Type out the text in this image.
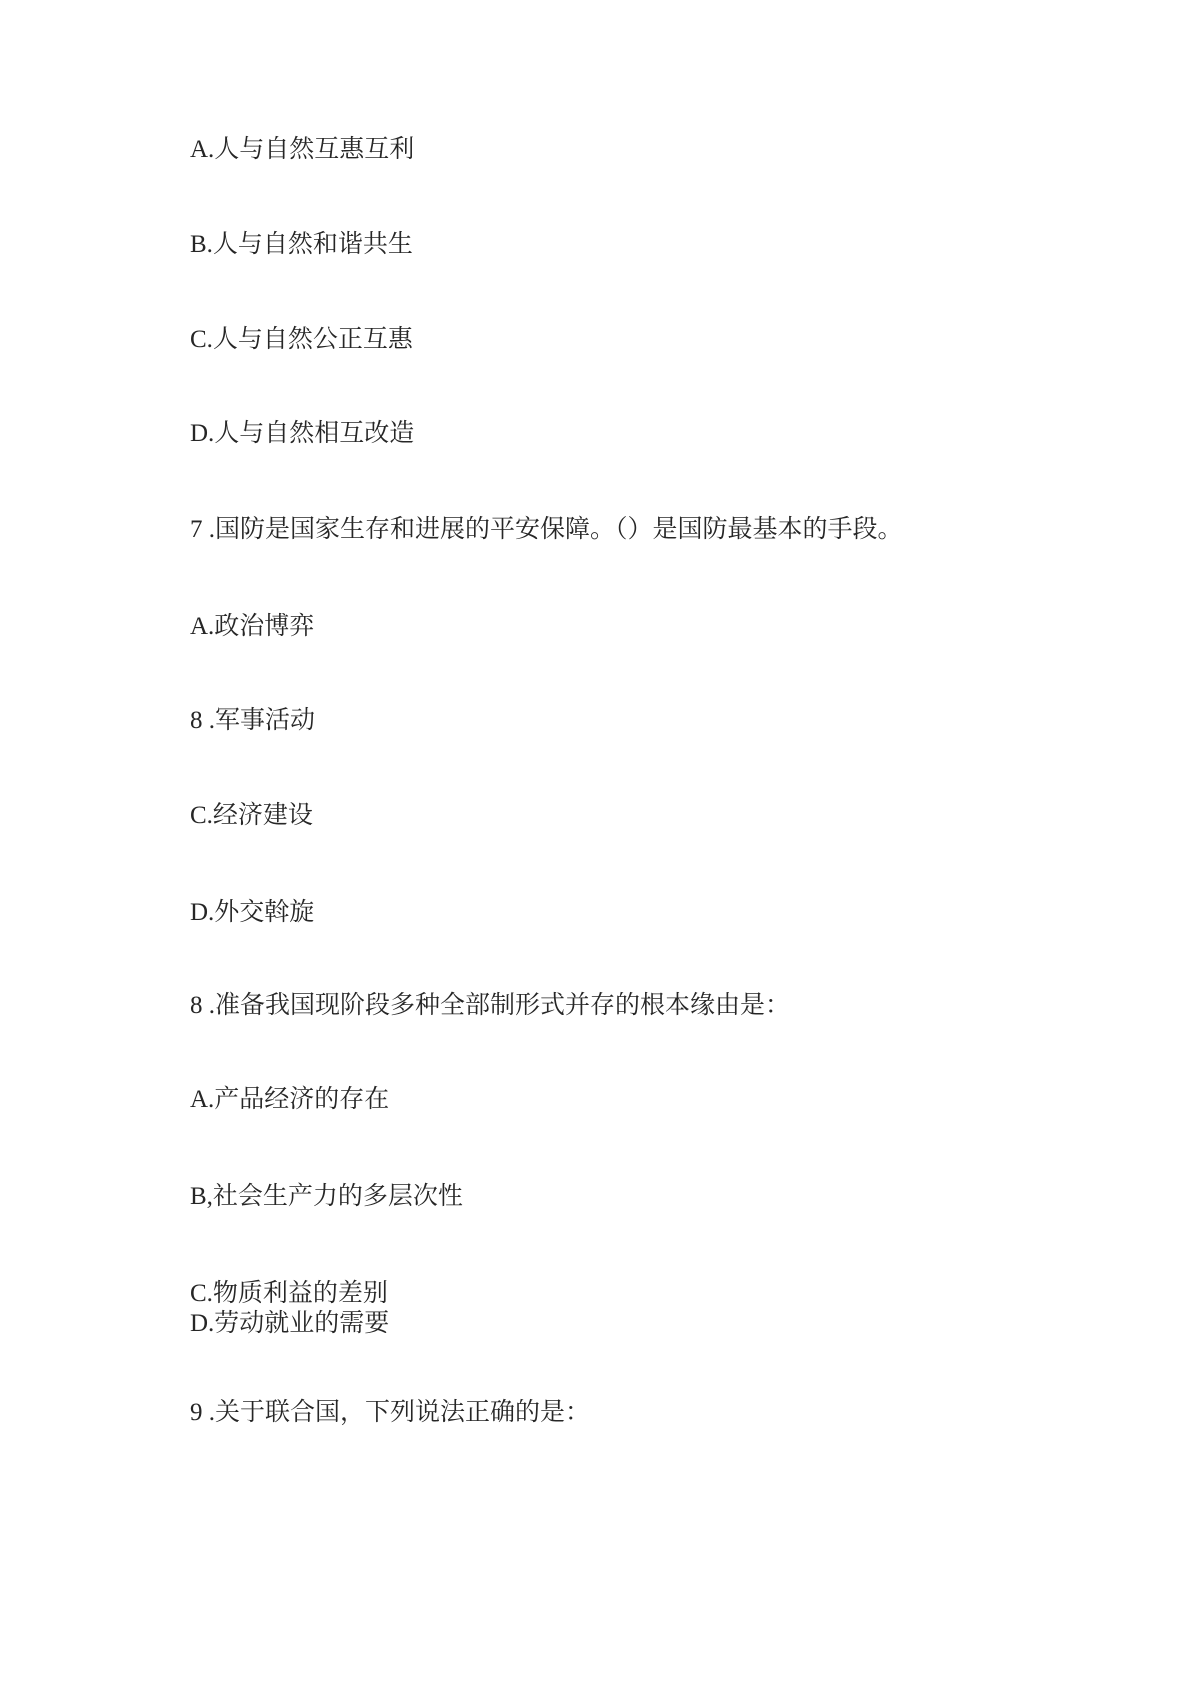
A.人与自然互惠互利
B.人与自然和谐共生
C.人与自然公正互惠
D.人与自然相互改造
7 .国防是国家生存和进展的平安保障。（）是国防最基本的手段。
A.政治博弈
8 .军事活动
C.经济建设
D.外交斡旋
8 .准备我国现阶段多种全部制形式并存的根本缘由是：
A.产品经济的存在
B,社会生产力的多层次性
C.物质利益的差别
D.劳动就业的需要
9 .关于联合国，下列说法正确的是：
